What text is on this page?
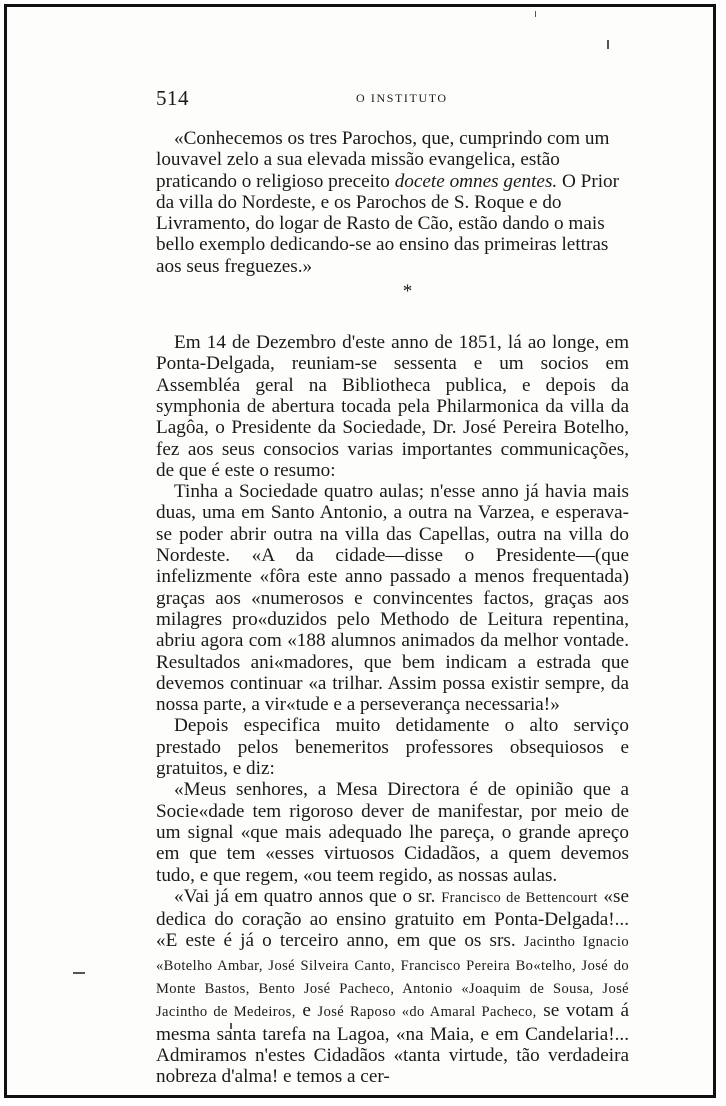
514	O INSTITUTO

«Conhecemos os tres Parochos, que, cumprindo com um louvavel zelo a sua elevada missão evangelica, estão praticando o religioso preceito docete omnes gentes. O Prior da villa do Nordeste, e os Parochos de S. Roque e do Livramento, do logar de Rasto de Cão, estão dando o mais bello exemplo dedicando-se ao ensino das primeiras lettras aos seus freguezes.»

*

Em 14 de Dezembro d'este anno de 1851, lá ao longe, em Ponta-Delgada, reuniam-se sessenta e um socios em Assembléa geral na Bibliotheca publica, e depois da symphonia de abertura tocada pela Philarmonica da villa da Lagôa, o Presidente da Sociedade, Dr. José Pereira Botelho, fez aos seus consocios varias importantes communicações, de que é este o resumo:

Tinha a Sociedade quatro aulas; n'esse anno já havia mais duas, uma em Santo Antonio, a outra na Varzea, e esperava-se poder abrir outra na villa das Capellas, outra na villa do Nordeste. «A da cidade—disse o Presidente—(que infelizmente «fôra este anno passado a menos frequentada) graças aos «numerosos e convincentes factos, graças aos milagres pro«duzidos pelo Methodo de Leitura repentina, abriu agora com «188 alumnos animados da melhor vontade. Resultados ani«madores, que bem indicam a estrada que devemos continuar «a trilhar. Assim possa existir sempre, da nossa parte, a vir«tude e a perseverança necessaria!»

Depois especifica muito detidamente o alto serviço prestado pelos benemeritos professores obsequiosos e gratuitos, e diz:

«Meus senhores, a Mesa Directora é de opinião que a Socie«dade tem rigoroso dever de manifestar, por meio de um signal «que mais adequado lhe pareça, o grande apreço em que tem «esses virtuosos Cidadãos, a quem devemos tudo, e que regem, «ou teem regido, as nossas aulas.

«Vai já em quatro annos que o sr. Francisco de Bettencourt «se dedica do coração ao ensino gratuito em Ponta-Delgada!... «E este é já o terceiro anno, em que os srs. Jacintho Ignacio «Botelho Ambar, José Silveira Canto, Francisco Pereira Bo«telho, José do Monte Bastos, Bento José Pacheco, Antonio «Joaquim de Sousa, José Jacintho de Medeiros, e José Raposo «do Amaral Pacheco, se votam á mesma santa tarefa na Lagoa, «na Maia, e em Candelaria!... Admiramos n'estes Cidadãos «tanta virtude, tão verdadeira nobreza d'alma! e temos a cer-
